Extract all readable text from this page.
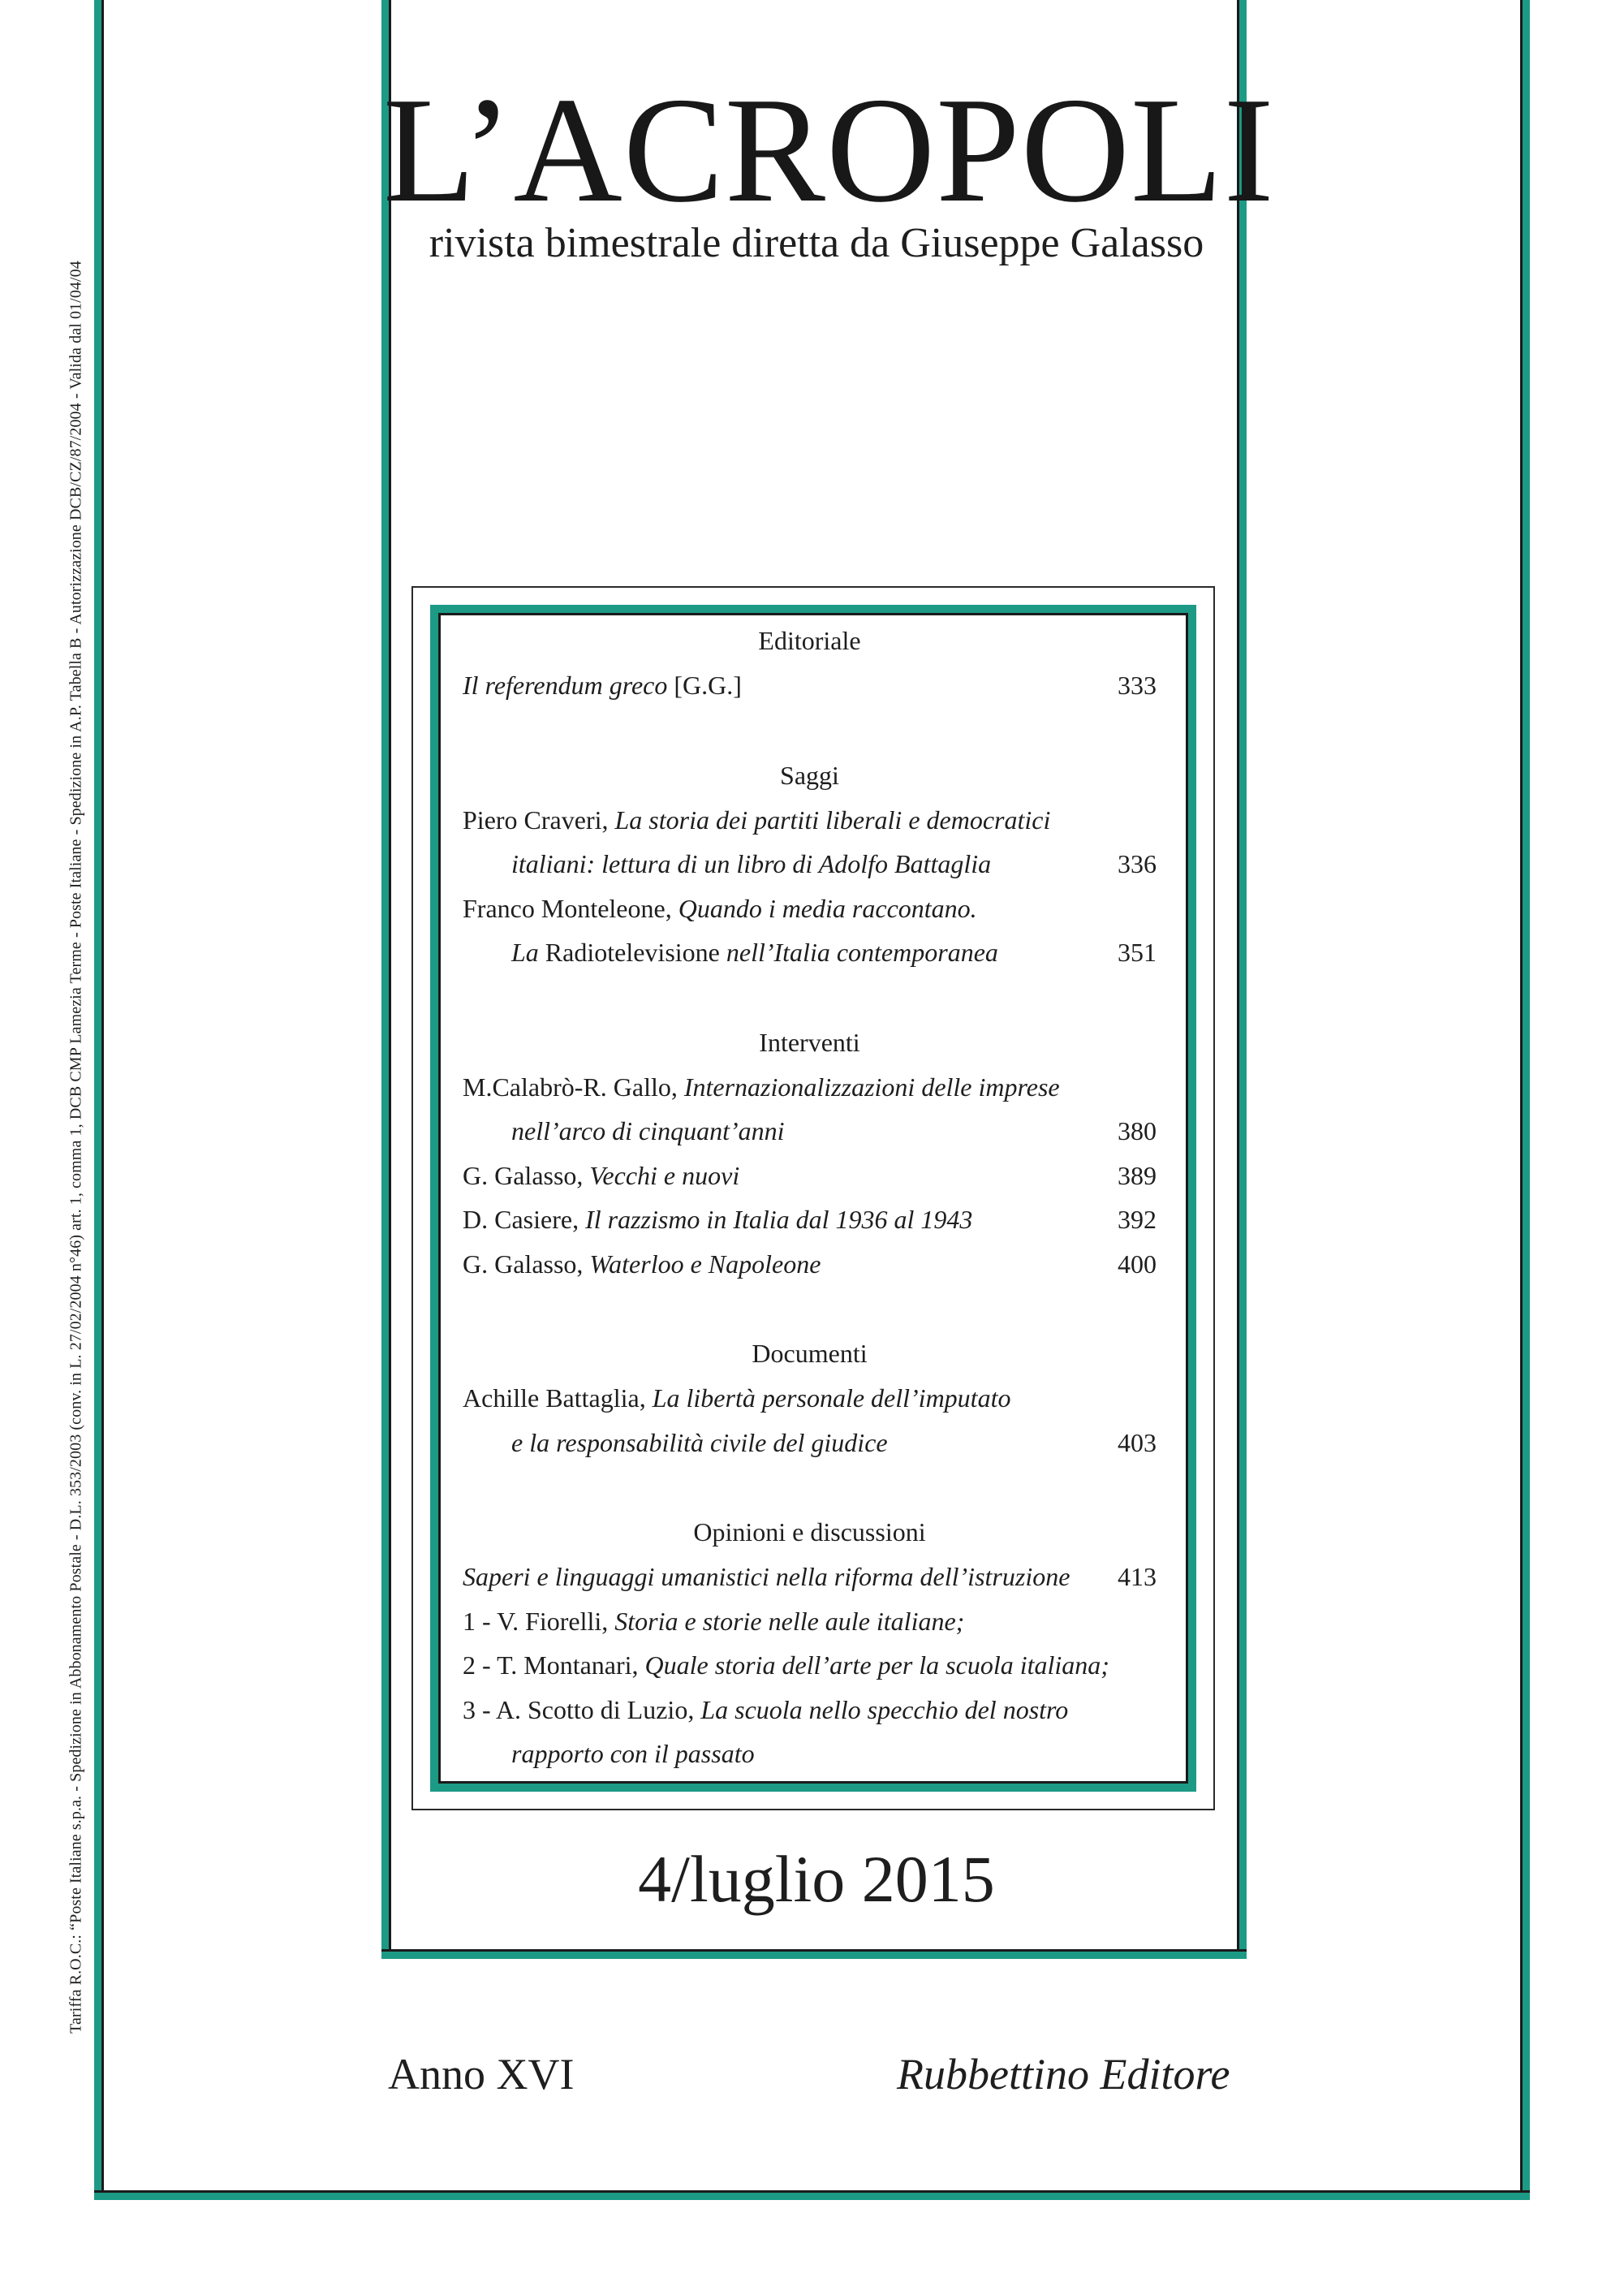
Tariffa R.O.C.: “Poste Italiane s.p.a. - Spedizione in Abbonamento Postale - D.L. 353/2003 (conv. in L. 27/02/2004 n°46) art. 1, comma 1, DCB CMP Lamezia Terme - Poste Italiane - Spedizione in A.P. Tabella B - Autorizzazione DCB/CZ/87/2004 - Valida dal 01/04/04
L’ACROPOLI
rivista bimestrale diretta da Giuseppe Galasso
Editoriale
Il referendum greco [G.G.]	333
Saggi
Piero Craveri, La storia dei partiti liberali e democratici
italiani: lettura di un libro di Adolfo Battaglia	336
Franco Monteleone, Quando i media raccontano.
La Radiotelevisione nell’Italia contemporanea	351
Interventi
M.Calabrò-R. Gallo, Internazionalizzazioni delle imprese
nell’arco di cinquant’anni	380
G. Galasso, Vecchi e nuovi	389
D. Casiere, Il razzismo in Italia dal 1936 al 1943	392
G. Galasso, Waterloo e Napoleone	400
Documenti
Achille Battaglia, La libertà personale dell’imputato
e la responsabilità civile del giudice	403
Opinioni e discussioni
Saperi e linguaggi umanistici nella riforma dell’istruzione 413
1 - V. Fiorelli, Storia e storie nelle aule italiane;
2 - T. Montanari, Quale storia dell’arte per la scuola italiana;
3 - A. Scotto di Luzio, La scuola nello specchio del nostro
rapporto con il passato
4/luglio 2015
Anno XVI	Rubbettino Editore
